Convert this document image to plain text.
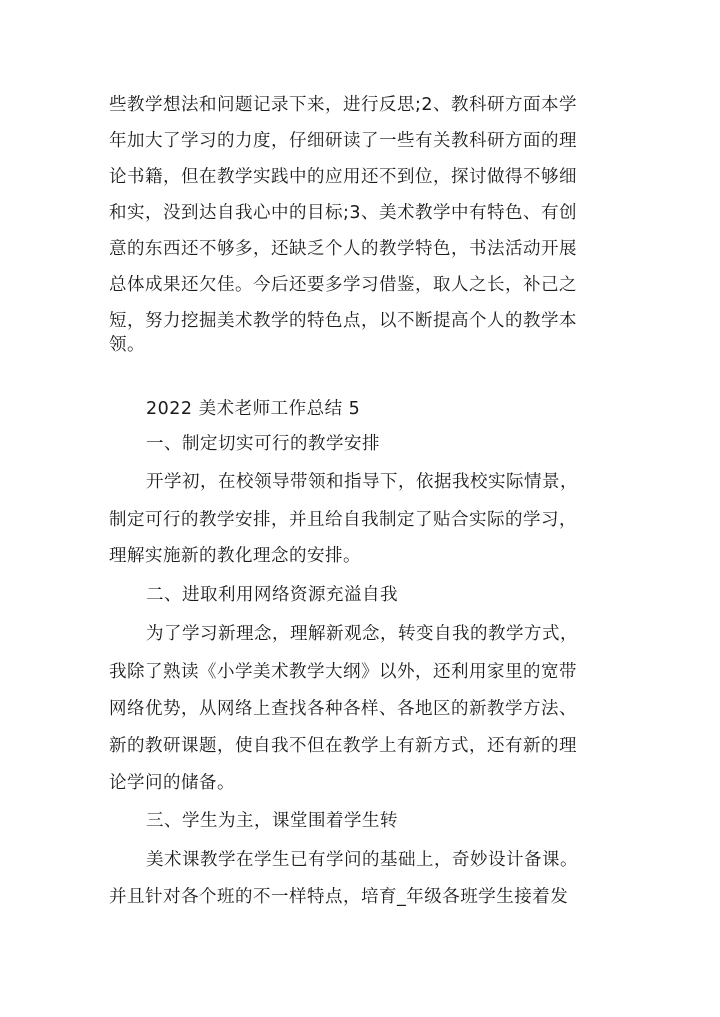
些教学想法和问题记录下来，进行反思;2、教科研方面本学
年加大了学习的力度，仔细研读了一些有关教科研方面的理
论书籍，但在教学实践中的应用还不到位，探讨做得不够细
和实，没到达自我心中的目标;3、美术教学中有特色、有创
意的东西还不够多，还缺乏个人的教学特色，书法活动开展
总体成果还欠佳。今后还要多学习借鉴，取人之长，补己之
短，努力挖掘美术教学的特色点，以不断提高个人的教学本
领。
2022 美术老师工作总结 5
一、制定切实可行的教学安排
开学初，在校领导带领和指导下，依据我校实际情景，
制定可行的教学安排，并且给自我制定了贴合实际的学习，
理解实施新的教化理念的安排。
二、进取利用网络资源充溢自我
为了学习新理念，理解新观念，转变自我的教学方式，
我除了熟读《小学美术教学大纲》以外，还利用家里的宽带
网络优势，从网络上查找各种各样、各地区的新教学方法、
新的教研课题，使自我不但在教学上有新方式，还有新的理
论学问的储备。
三、学生为主，课堂围着学生转
美术课教学在学生已有学问的基础上，奇妙设计备课。
并且针对各个班的不一样特点，培育_年级各班学生接着发
